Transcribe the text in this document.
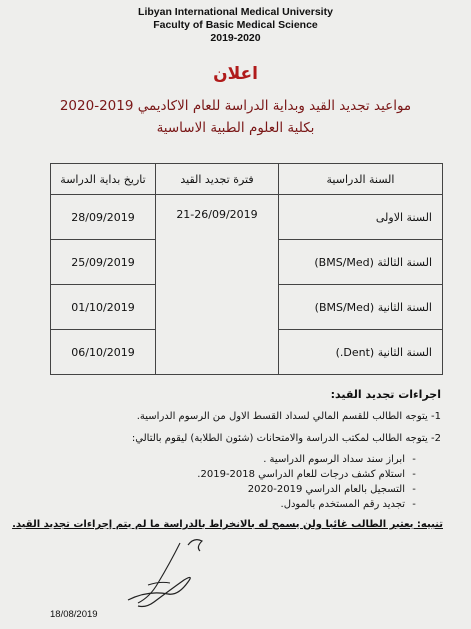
Libyan International Medical University
Faculty of Basic Medical Science
2019-2020
اعلان
مواعيد تجديد القيد وبداية الدراسة للعام الاكاديمي 2019-2020
بكلية العلوم الطبية الاساسية
السنة الدراسية	فترة تجديد القيد	تاريخ بداية الدراسة
السنة الاولى	21-26/09/2019	28/09/2019
السنة الثالثة (BMS/Med)		25/09/2019
السنة الثانية (BMS/Med)		01/10/2019
السنة الثانية (Dent.)		06/10/2019
اجراءات تجديد القيد:
1- يتوجه الطالب للقسم المالي لسداد القسط الاول من الرسوم الدراسية.
2- يتوجه الطالب لمكتب الدراسة والامتحانات (شئون الطلابة) ليقوم بالتالي:
- ابراز سند سداد الرسوم الدراسية .
- استلام كشف درجات للعام الدراسي 2018-2019.
- التسجيل بالعام الدراسي 2019-2020
- تجديد رقم المستخدم بالمودل.
تنبيه: يعتبر الطالب غائبا ولن يسمح له بالانخراط بالدراسة ما لم يتم إجراءات تجديد القيد.
18/08/2019
